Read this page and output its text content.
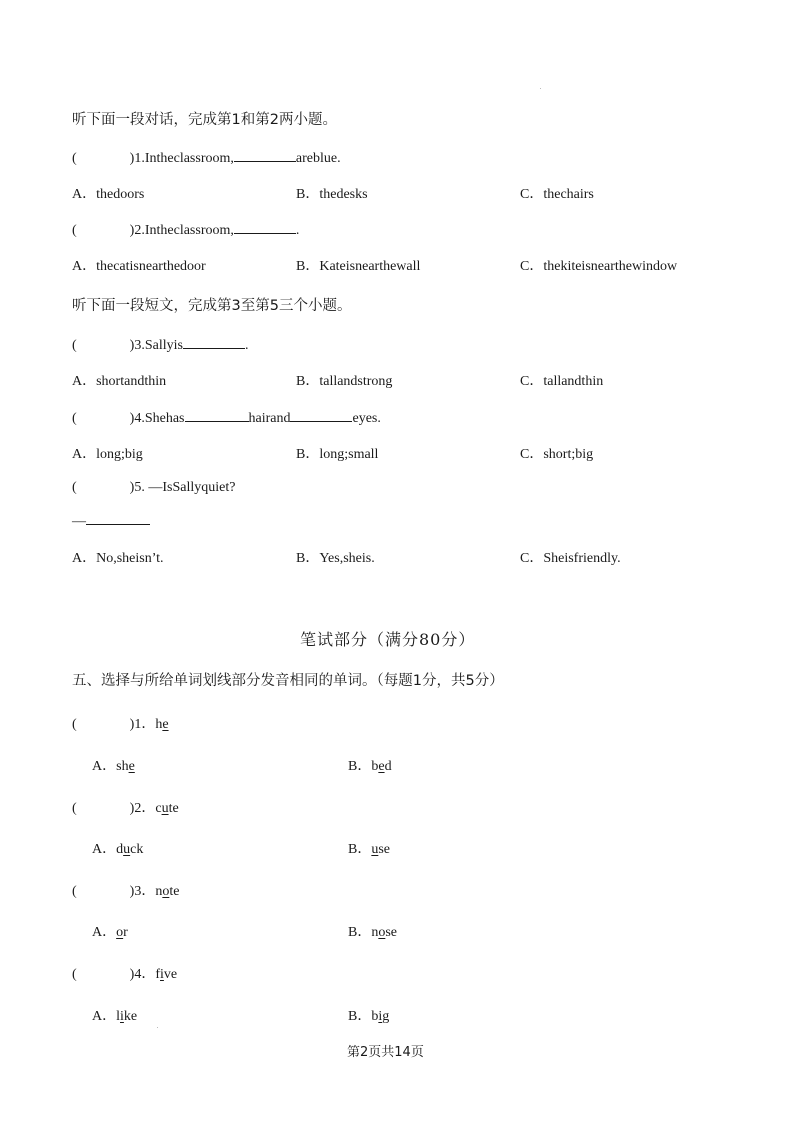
听下面一段对话，完成第1和第2两小题。
(	)1.Intheclassroom,	areblue.
A．thedoors	B．thedesks	C．thechairs
(	)2.Intheclassroom,	.
A．thecatisnearthedoor	B．Kateisnearthewall	C．thekiteisnearthewindow
听下面一段短文，完成第3至第5三个小题。
(	)3.Sallyis	.
A．shortandthin	B．tallandstrong	C．tallandthin
(	)4.Shehas	hairand	eyes.
A．long;big	B．long;small	C．short;big
(	)5. —IsSallyquiet?
—
A．No,sheisn’t.	B．Yes,sheis.	C．Sheisfriendly.
笔试部分（满分80分）
五、选择与所给单词划线部分发音相同的单词。（每题1分，共5分）
(	)1．he
A．she	B．bed
(	)2．cute
A．duck	B．use
(	)3．note
A．or	B．nose
(	)4．five
A．like	B．big
第2页共14页
